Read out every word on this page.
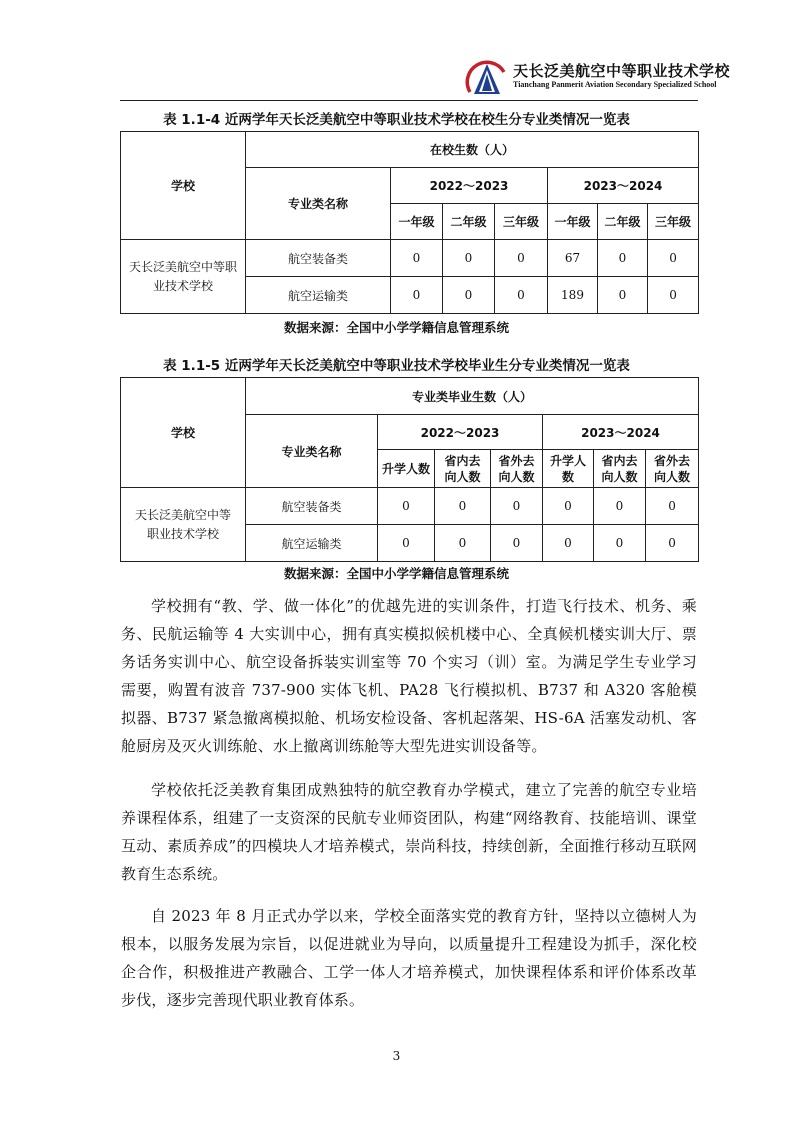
天长泛美航空中等职业技术学校
Tianchang Panmerit Aviation Secondary Specialized School
表 1.1-4 近两学年天长泛美航空中等职业技术学校在校生分专业类情况一览表
学校	在校生数（人）						
	专业类名称	2022～2023			2023～2024		
		一年级	二年级	三年级	一年级	二年级	三年级
天长泛美航空中等职业技术学校	航空装备类	0	0	0	67	0	0
	航空运输类	0	0	0	189	0	0
数据来源：全国中小学学籍信息管理系统
表 1.1-5 近两学年天长泛美航空中等职业技术学校毕业生分专业类情况一览表
学校	专业类毕业生数（人）						
	专业类名称	2022～2023			2023～2024		
		升学人数	省内去向人数	省外去向人数	升学人数	省内去向人数	省外去向人数
天长泛美航空中等职业技术学校	航空装备类	0	0	0	0	0	0
	航空运输类	0	0	0	0	0	0
数据来源：全国中小学学籍信息管理系统

学校拥有“教、学、做一体化”的优越先进的实训条件，打造飞行技术、机务、乘务、民航运输等 4 大实训中心，拥有真实模拟候机楼中心、全真候机楼实训大厅、票务话务实训中心、航空设备拆装实训室等 70 个实习（训）室。为满足学生专业学习需要，购置有波音 737-900 实体飞机、PA28 飞行模拟机、B737 和 A320 客舱模拟器、B737 紧急撤离模拟舱、机场安检设备、客机起落架、HS-6A 活塞发动机、客舱厨房及灭火训练舱、水上撤离训练舱等大型先进实训设备等。

学校依托泛美教育集团成熟独特的航空教育办学模式，建立了完善的航空专业培养课程体系，组建了一支资深的民航专业师资团队，构建“网络教育、技能培训、课堂互动、素质养成”的四模块人才培养模式，崇尚科技，持续创新，全面推行移动互联网教育生态系统。

自 2023 年 8 月正式办学以来，学校全面落实党的教育方针，坚持以立德树人为根本，以服务发展为宗旨，以促进就业为导向，以质量提升工程建设为抓手，深化校企合作，积极推进产教融合、工学一体人才培养模式，加快课程体系和评价体系改革步伐，逐步完善现代职业教育体系。

3
